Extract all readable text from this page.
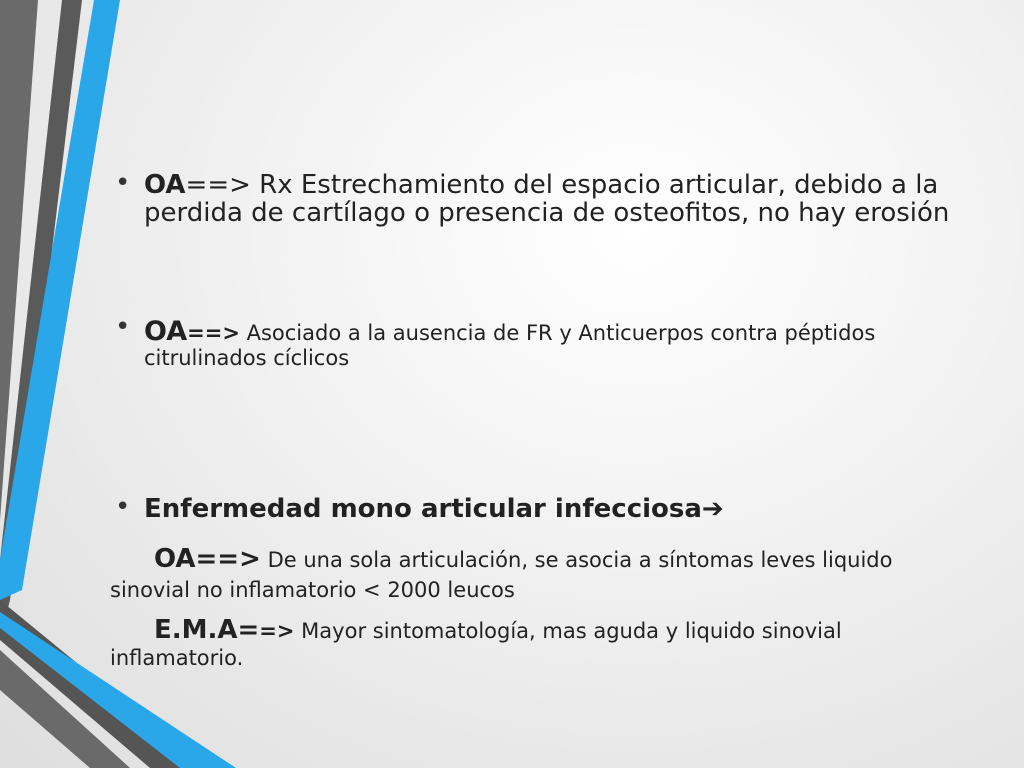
• OA==> Rx Estrechamiento del espacio articular, debido a la perdida de cartílago o presencia de osteofitos, no hay erosión
• OA==> Asociado a la ausencia de FR y Anticuerpos contra péptidos citrulinados cíclicos
• Enfermedad mono articular infecciosa➔
OA==> De una sola articulación, se asocia a síntomas leves liquido sinovial no inflamatorio < 2000 leucos
E.M.A==> Mayor sintomatología, mas aguda y liquido sinovial inflamatorio.
